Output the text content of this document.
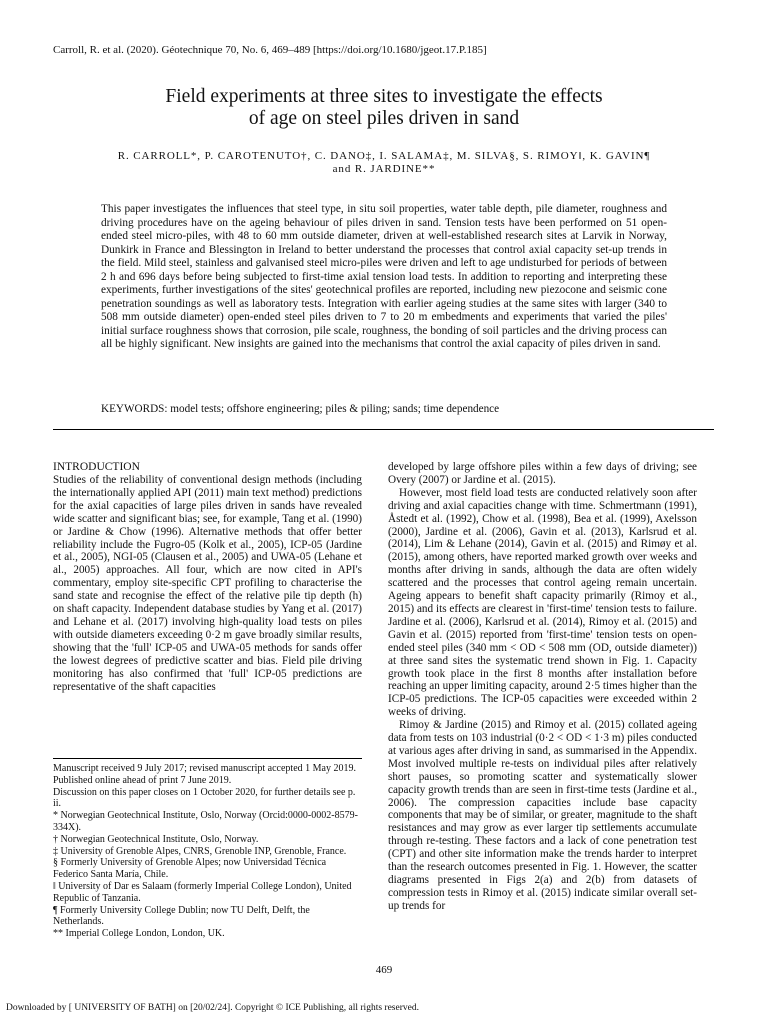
Carroll, R. et al. (2020). Géotechnique 70, No. 6, 469–489 [https://doi.org/10.1680/jgeot.17.P.185]
Field experiments at three sites to investigate the effects
of age on steel piles driven in sand
R. CARROLL*, P. CAROTENUTO†, C. DANO‡, I. SALAMA‡, M. SILVA§, S. RIMOY‖, K. GAVIN¶
and R. JARDINE**

This paper investigates the influences that steel type, in situ soil properties, water table depth, pile diameter, roughness and driving procedures have on the ageing behaviour of piles driven in sand. Tension tests have been performed on 51 open-ended steel micro-piles, with 48 to 60 mm outside diameter, driven at well-established research sites at Larvik in Norway, Dunkirk in France and Blessington in Ireland to better understand the processes that control axial capacity set-up trends in the field. Mild steel, stainless and galvanised steel micro-piles were driven and left to age undisturbed for periods of between 2 h and 696 days before being subjected to first-time axial tension load tests. In addition to reporting and interpreting these experiments, further investigations of the sites' geotechnical profiles are reported, including new piezocone and seismic cone penetration soundings as well as laboratory tests. Integration with earlier ageing studies at the same sites with larger (340 to 508 mm outside diameter) open-ended steel piles driven to 7 to 20 m embedments and experiments that varied the piles' initial surface roughness shows that corrosion, pile scale, roughness, the bonding of soil particles and the driving process can all be highly significant. New insights are gained into the mechanisms that control the axial capacity of piles driven in sand.

KEYWORDS: model tests; offshore engineering; piles & piling; sands; time dependence
INTRODUCTION

Studies of the reliability of conventional design methods (including the internationally applied API (2011) main text method) predictions for the axial capacities of large piles driven in sands have revealed wide scatter and significant bias; see, for example, Tang et al. (1990) or Jardine & Chow (1996). Alternative methods that offer better reliability include the Fugro-05 (Kolk et al., 2005), ICP-05 (Jardine et al., 2005), NGI-05 (Clausen et al., 2005) and UWA-05 (Lehane et al., 2005) approaches. All four, which are now cited in API's commentary, employ site-specific CPT profiling to characterise the sand state and recognise the effect of the relative pile tip depth (h) on shaft capacity. Independent database studies by Yang et al. (2017) and Lehane et al. (2017) involving high-quality load tests on piles with outside diameters exceeding 0·2 m gave broadly similar results, showing that the 'full' ICP-05 and UWA-05 methods for sands offer the lowest degrees of predictive scatter and bias. Field pile driving monitoring has also confirmed that 'full' ICP-05 predictions are representative of the shaft capacities

developed by large offshore piles within a few days of driving; see Overy (2007) or Jardine et al. (2015).

However, most field load tests are conducted relatively soon after driving and axial capacities change with time. Schmertmann (1991), Åstedt et al. (1992), Chow et al. (1998), Bea et al. (1999), Axelsson (2000), Jardine et al. (2006), Gavin et al. (2013), Karlsrud et al. (2014), Lim & Lehane (2014), Gavin et al. (2015) and Rimøy et al. (2015), among others, have reported marked growth over weeks and months after driving in sands, although the data are often widely scattered and the processes that control ageing remain uncertain. Ageing appears to benefit shaft capacity primarily (Rimoy et al., 2015) and its effects are clearest in 'first-time' tension tests to failure. Jardine et al. (2006), Karlsrud et al. (2014), Rimoy et al. (2015) and Gavin et al. (2015) reported from 'first-time' tension tests on open-ended steel piles (340 mm < OD < 508 mm (OD, outside diameter)) at three sand sites the systematic trend shown in Fig. 1. Capacity growth took place in the first 8 months after installation before reaching an upper limiting capacity, around 2·5 times higher than the ICP-05 predictions. The ICP-05 capacities were exceeded within 2 weeks of driving.

Rimoy & Jardine (2015) and Rimoy et al. (2015) collated ageing data from tests on 103 industrial (0·2 < OD < 1·3 m) piles conducted at various ages after driving in sand, as summarised in the Appendix. Most involved multiple re-tests on individual piles after relatively short pauses, so promoting scatter and systematically slower capacity growth trends than are seen in first-time tests (Jardine et al., 2006). The compression capacities include base capacity components that may be of similar, or greater, magnitude to the shaft resistances and may grow as ever larger tip settlements accumulate through re-testing. These factors and a lack of cone penetration test (CPT) and other site information make the trends harder to interpret than the research outcomes presented in Fig. 1. However, the scatter diagrams presented in Figs 2(a) and 2(b) from datasets of compression tests in Rimoy et al. (2015) indicate similar overall set-up trends for

Manuscript received 9 July 2017; revised manuscript accepted 1 May 2019. Published online ahead of print 7 June 2019.

Discussion on this paper closes on 1 October 2020, for further details see p. ii.

* Norwegian Geotechnical Institute, Oslo, Norway (Orcid:0000-0002-8579-334X).

† Norwegian Geotechnical Institute, Oslo, Norway.

‡ University of Grenoble Alpes, CNRS, Grenoble INP, Grenoble, France.

§ Formerly University of Grenoble Alpes; now Universidad Técnica Federico Santa María, Chile.

‖ University of Dar es Salaam (formerly Imperial College London), United Republic of Tanzania.

¶ Formerly University College Dublin; now TU Delft, Delft, the Netherlands.

** Imperial College London, London, UK.

469
Downloaded by [ UNIVERSITY OF BATH] on [20/02/24]. Copyright © ICE Publishing, all rights reserved.
